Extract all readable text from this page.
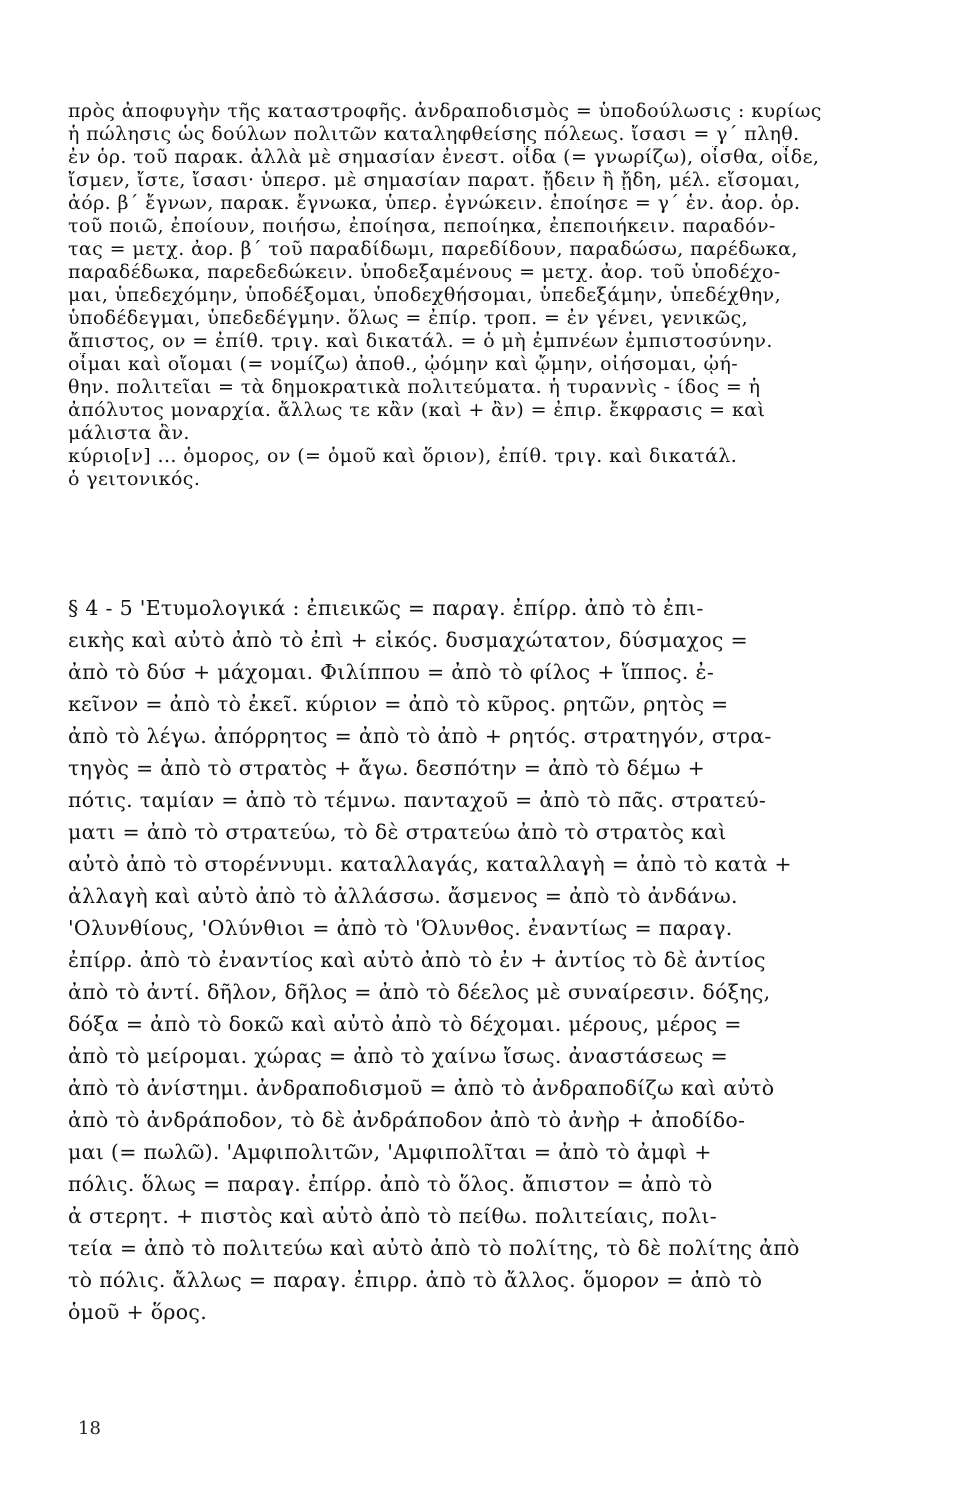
πρὸς ἀποφυγὴν τῆς καταστροφῆς. ἀνδραποδισμὸς = ὑποδούλωσις : κυρίως
ἡ πώλησις ὡς δούλων πολιτῶν καταληφθείσης πόλεως. ἴσασι = γ΄ πληθ.
ἐν ὁρ. τοῦ παρακ. ἀλλὰ μὲ σημασίαν ἐνεστ. οἶδα (= γνωρίζω), οἶσθα, οἶδε,
ἴσμεν, ἴστε, ἴσασι· ὑπερσ. μὲ σημασίαν παρατ. ᾔδειν ἢ ᾔδη, μέλ. εἴσομαι,
ἀόρ. β΄ ἔγνων, παρακ. ἔγνωκα, ὑπερ. ἐγνώκειν. ἐποίησε = γ΄ ἑν. ἀορ. ὁρ.
τοῦ ποιῶ, ἐποίουν, ποιήσω, ἐποίησα, πεποίηκα, ἐπεποιήκειν. παραδόν-
τας = μετχ. ἀορ. β΄ τοῦ παραδίδωμι, παρεδίδουν, παραδώσω, παρέδωκα,
παραδέδωκα, παρεδεδώκειν. ὑποδεξαμένους = μετχ. ἀορ. τοῦ ὑποδέχο-
μαι, ὑπεδεχόμην, ὑποδέξομαι, ὑποδεχθήσομαι, ὑπεδεξάμην, ὑπεδέχθην,
ὑποδέδεγμαι, ὑπεδεδέγμην. ὅλως = ἐπίρ. τροπ. = ἐν γένει, γενικῶς,
ἄπιστος, ον = ἐπίθ. τριγ. καὶ δικατάλ. = ὁ μὴ ἐμπνέων ἐμπιστοσύνην.
οἶμαι καὶ οἴομαι (= νομίζω) ἀποθ., ᾠόμην καὶ ᾤμην, οἰήσομαι, ᾠή-
θην. πολιτεῖαι = τὰ δημοκρατικὰ πολιτεύματα. ἡ τυραννὶς - ίδος = ἡ
ἀπόλυτος μοναρχία. ἄλλως τε κἂν (καὶ + ἂν) = ἐπιρ. ἔκφρασις = καὶ
μάλιστα ἂν.
κύριο[ν] ... ὁμορος, ον (= ὁμοῦ καὶ ὅριον), ἐπίθ. τριγ. καὶ δικατάλ.
ὁ γειτονικός.
§ 4 - 5 'Ετυμολογικά : ἐπιεικῶς = παραγ. ἐπίρρ. ἀπὸ τὸ ἐπι-
εικὴς καὶ αὐτὸ ἀπὸ τὸ ἐπὶ + εἰκός. δυσμαχώτατον, δύσμαχος =
ἀπὸ τὸ δύσ + μάχομαι. Φιλίππου = ἀπὸ τὸ φίλος + ἵππος. ἐ-
κεῖνον = ἀπὸ τὸ ἐκεῖ. κύριον = ἀπὸ τὸ κῦρος. ρητῶν, ρητὸς =
ἀπὸ τὸ λέγω. ἀπόρρητος = ἀπὸ τὸ ἀπὸ + ρητός. στρατηγόν, στρα-
τηγὸς = ἀπὸ τὸ στρατὸς + ἄγω. δεσπότην = ἀπὸ τὸ δέμω +
πότις. ταμίαν = ἀπὸ τὸ τέμνω. πανταχοῦ = ἀπὸ τὸ πᾶς. στρατεύ-
ματι = ἀπὸ τὸ στρατεύω, τὸ δὲ στρατεύω ἀπὸ τὸ στρατὸς καὶ
αὐτὸ ἀπὸ τὸ στορέννυμι. καταλλαγάς, καταλλαγὴ = ἀπὸ τὸ κατὰ +
ἀλλαγὴ καὶ αὐτὸ ἀπὸ τὸ ἀλλάσσω. ἄσμενος = ἀπὸ τὸ ἀνδάνω.
'Ολυνθίους, 'Ολύνθιοι = ἀπὸ τὸ 'Όλυνθος. ἐναντίως = παραγ.
ἐπίρρ. ἀπὸ τὸ ἐναντίος καὶ αὐτὸ ἀπὸ τὸ ἐν + ἀντίος τὸ δὲ ἀντίος
ἀπὸ τὸ ἀντί. δῆλον, δῆλος = ἀπὸ τὸ δέελος μὲ συναίρεσιν. δόξης,
δόξα = ἀπὸ τὸ δοκῶ καὶ αὐτὸ ἀπὸ τὸ δέχομαι. μέρους, μέρος =
ἀπὸ τὸ μείρομαι. χώρας = ἀπὸ τὸ χαίνω ἴσως. ἀναστάσεως =
ἀπὸ τὸ ἀνίστημι. ἀνδραποδισμοῦ = ἀπὸ τὸ ἀνδραποδίζω καὶ αὐτὸ
ἀπὸ τὸ ἀνδράποδον, τὸ δὲ ἀνδράποδον ἀπὸ τὸ ἀνὴρ + ἀποδίδο-
μαι (= πωλῶ). 'Αμφιπολιτῶν, 'Αμφιπολῖται = ἀπὸ τὸ ἀμφὶ +
πόλις. ὅλως = παραγ. ἐπίρρ. ἀπὸ τὸ ὅλος. ἄπιστον = ἀπὸ τὸ
ἀ στερητ. + πιστὸς καὶ αὐτὸ ἀπὸ τὸ πείθω. πολιτείαις, πολι-
τεία = ἀπὸ τὸ πολιτεύω καὶ αὐτὸ ἀπὸ τὸ πολίτης, τὸ δὲ πολίτης ἀπὸ
τὸ πόλις. ἄλλως = παραγ. ἐπιρρ. ἀπὸ τὸ ἄλλος. ὅμορον = ἀπὸ τὸ
ὁμοῦ + ὅρος.
18
